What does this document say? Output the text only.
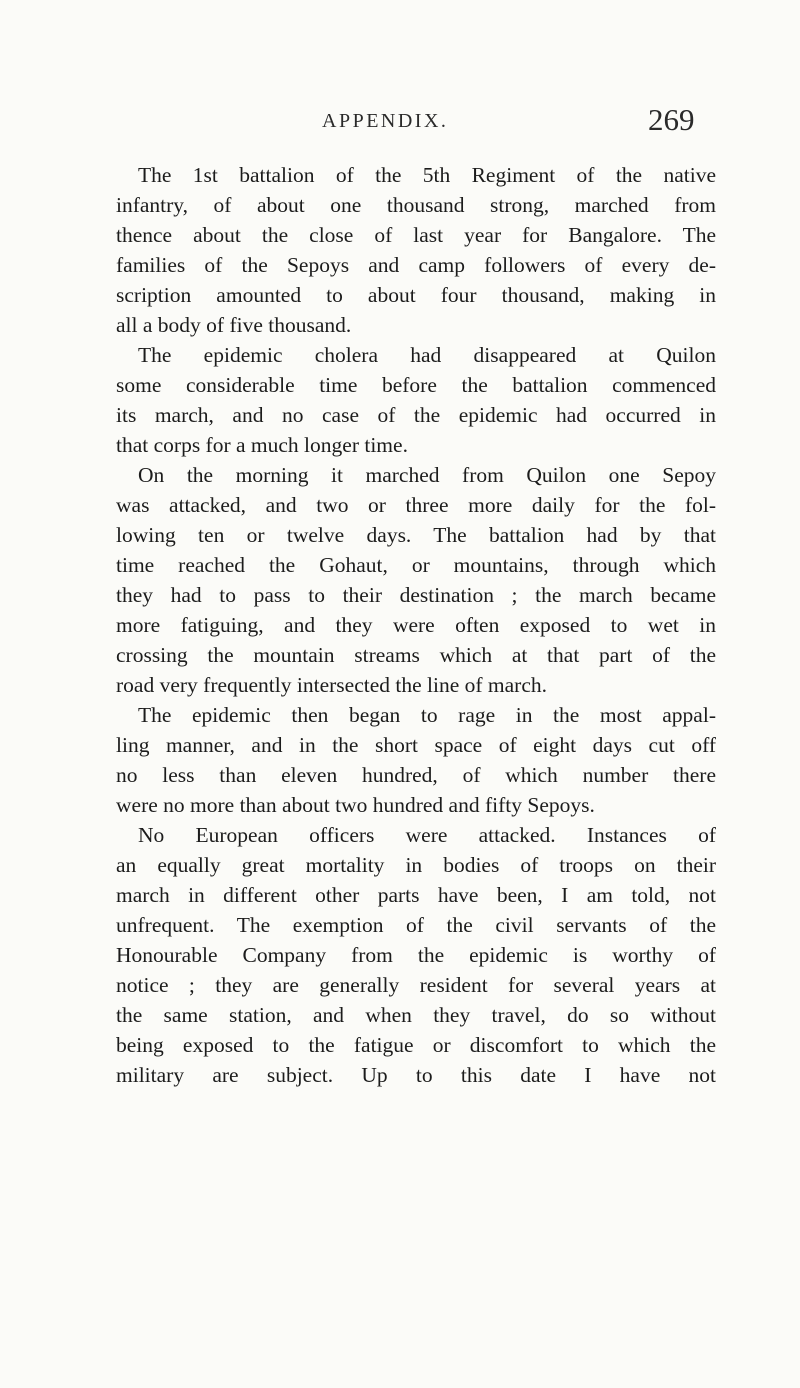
APPENDIX.	269
The 1st battalion of the 5th Regiment of the native
infantry, of about one thousand strong, marched from
thence about the close of last year for Bangalore. The
families of the Sepoys and camp followers of every de-
scription amounted to about four thousand, making in
all a body of five thousand.
The epidemic cholera had disappeared at Quilon
some considerable time before the battalion commenced
its march, and no case of the epidemic had occurred in
that corps for a much longer time.
On the morning it marched from Quilon one Sepoy
was attacked, and two or three more daily for the fol-
lowing ten or twelve days. The battalion had by that
time reached the Gohaut, or mountains, through which
they had to pass to their destination ; the march became
more fatiguing, and they were often exposed to wet in
crossing the mountain streams which at that part of the
road very frequently intersected the line of march.
The epidemic then began to rage in the most appal-
ling manner, and in the short space of eight days cut off
no less than eleven hundred, of which number there
were no more than about two hundred and fifty Sepoys.
No European officers were attacked. Instances of
an equally great mortality in bodies of troops on their
march in different other parts have been, I am told, not
unfrequent. The exemption of the civil servants of the
Honourable Company from the epidemic is worthy of
notice ; they are generally resident for several years at
the same station, and when they travel, do so without
being exposed to the fatigue or discomfort to which the
military are subject. Up to this date I have not
